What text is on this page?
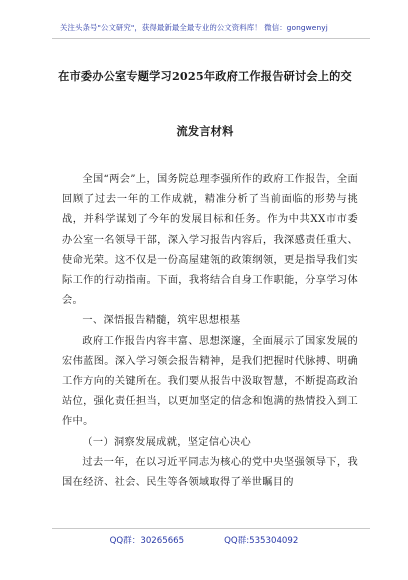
关注头条号"公文研究"，获得最新最全最专业的公文资料库！ 微信：gongwenyj
在市委办公室专题学习2025年政府工作报告研讨会上的交
流发言材料

全国“两会”上，国务院总理李强所作的政府工作报告，全面回顾了过去一年的工作成就，精准分析了当前面临的形势与挑战，并科学谋划了今年的发展目标和任务。作为中共XX市市委办公室一名领导干部，深入学习报告内容后，我深感责任重大、使命光荣。这不仅是一份高屋建瓴的政策纲领，更是指导我们实际工作的行动指南。下面，我将结合自身工作职能，分享学习体会。

一、深悟报告精髓，筑牢思想根基

政府工作报告内容丰富、思想深邃，全面展示了国家发展的宏伟蓝图。深入学习领会报告精神，是我们把握时代脉搏、明确工作方向的关键所在。我们要从报告中汲取智慧，不断提高政治站位，强化责任担当，以更加坚定的信念和饱满的热情投入到工作中。

（一）洞察发展成就，坚定信心决心

过去一年，在以习近平同志为核心的党中央坚强领导下，我国在经济、社会、民生等各领域取得了举世瞩目的

QQ群：30265665	QQ群:535304092
